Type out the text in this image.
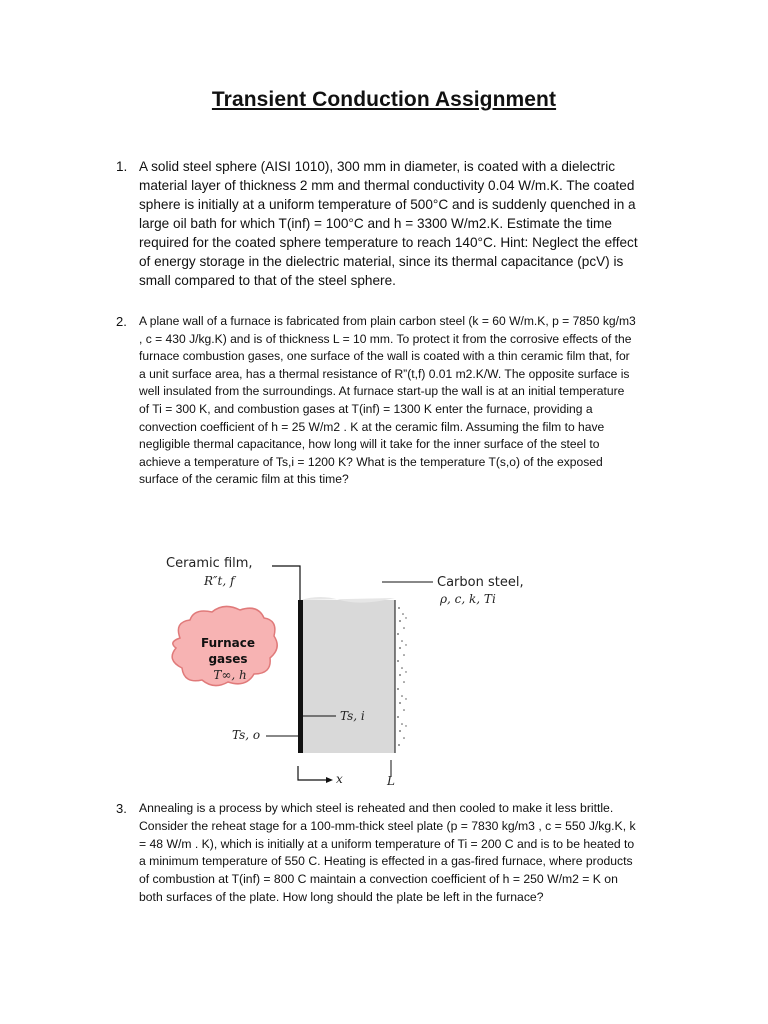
Transient Conduction Assignment
1. A solid steel sphere (AISI 1010), 300 mm in diameter, is coated with a dielectric
material layer of thickness 2 mm and thermal conductivity 0.04 W/m.K. The coated
sphere is initially at a uniform temperature of 500°C and is suddenly quenched in a
large oil bath for which T(inf) = 100°C and h = 3300 W/m2.K. Estimate the time
required for the coated sphere temperature to reach 140°C. Hint: Neglect the effect
of energy storage in the dielectric material, since its thermal capacitance (pcV) is
small compared to that of the steel sphere.
2. A plane wall of a furnace is fabricated from plain carbon steel (k = 60 W/m.K, p = 7850 kg/m3
, c = 430 J/kg.K) and is of thickness L = 10 mm. To protect it from the corrosive effects of the
furnace combustion gases, one surface of the wall is coated with a thin ceramic film that, for
a unit surface area, has a thermal resistance of R”(t,f) 0.01 m2.K/W. The opposite surface is
well insulated from the surroundings. At furnace start-up the wall is at an initial temperature
of Ti = 300 K, and combustion gases at T(inf) = 1300 K enter the furnace, providing a
convection coefficient of h = 25 W/m2 . K at the ceramic film. Assuming the film to have
negligible thermal capacitance, how long will it take for the inner surface of the steel to
achieve a temperature of Ts,i = 1200 K? What is the temperature T(s,o) of the exposed
surface of the ceramic film at this time?
Ceramic film,
R″t, f	Carbon steel,
ρ, c, k, Ti
Furnace
gases
T∞, h
Ts, i
Ts, o
x	L
3. Annealing is a process by which steel is reheated and then cooled to make it less brittle.
Consider the reheat stage for a 100-mm-thick steel plate (p = 7830 kg/m3 , c = 550 J/kg.K, k
= 48 W/m . K), which is initially at a uniform temperature of Ti = 200 C and is to be heated to
a minimum temperature of 550 C. Heating is effected in a gas-fired furnace, where products
of combustion at T(inf) = 800 C maintain a convection coefficient of h = 250 W/m2 = K on
both surfaces of the plate. How long should the plate be left in the furnace?
